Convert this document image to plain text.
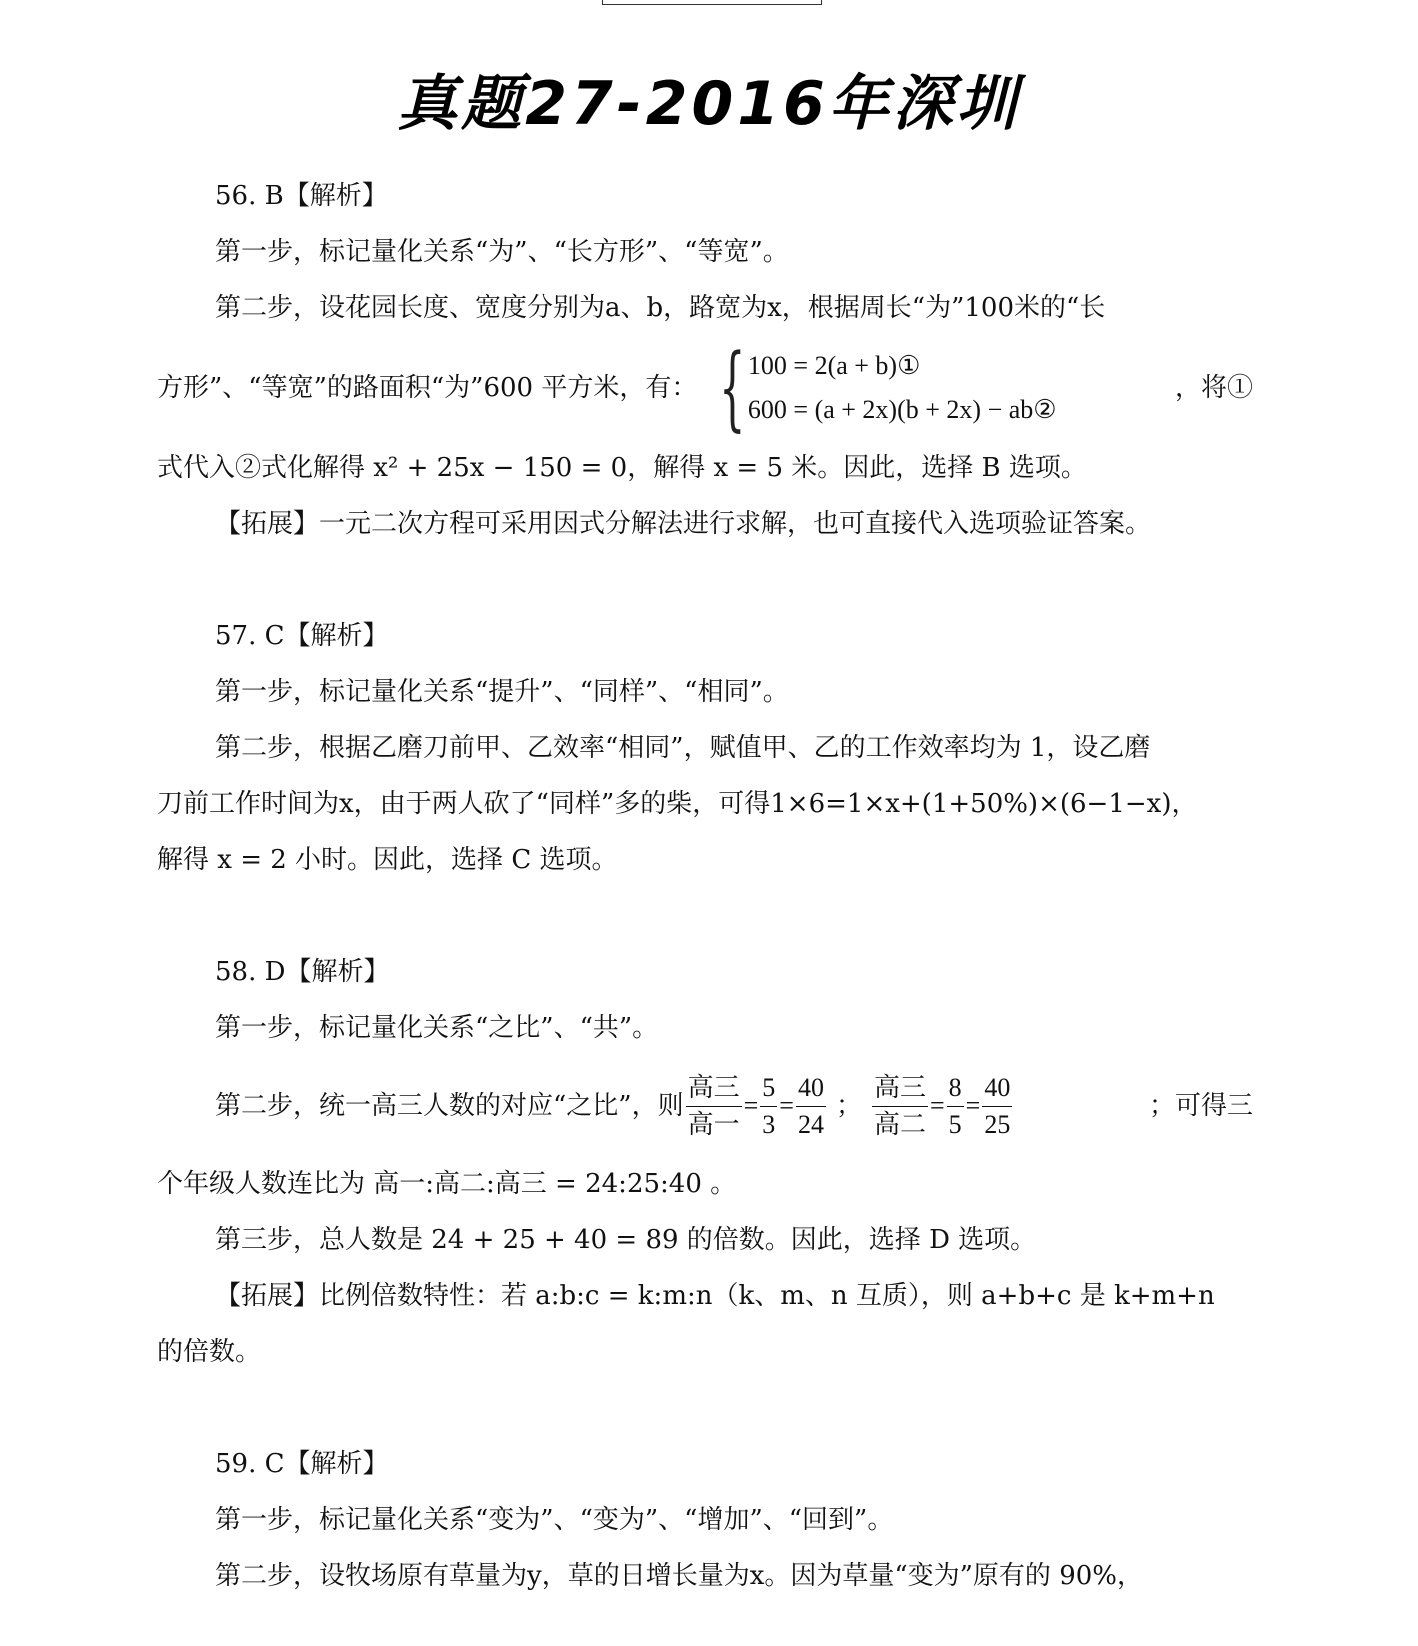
真题27-2016年深圳

56. B【解析】

第一步，标记量化关系“为”、“长方形”、“等宽”。

第二步，设花园长度、宽度分别为a、b，路宽为x，根据周长“为”100米的“长

方形”、“等宽”的路面积“为”600 平方米，有： { 100 = 2(a + b)①
600 = (a + 2x)(b + 2x) − ab②
，将①

式代入②式化解得 x² + 25x − 150 = 0，解得 x = 5 米。因此，选择 B 选项。

【拓展】一元二次方程可采用因式分解法进行求解，也可直接代入选项验证答案。

57. C【解析】

第一步，标记量化关系“提升”、“同样”、“相同”。

第二步，根据乙磨刀前甲、乙效率“相同”，赋值甲、乙的工作效率均为 1，设乙磨

刀前工作时间为x，由于两人砍了“同样”多的柴，可得1×6=1×x+(1+50%)×(6−1−x)，

解得 x = 2 小时。因此，选择 C 选项。

58. D【解析】

第一步，标记量化关系“之比”、“共”。

第二步，统一高三人数的对应“之比”，则 $\frac{\text{高三}}{\text{高一}} = \frac{5}{3} = \frac{40}{24}$ ； $\frac{\text{高三}}{\text{高二}} = \frac{8}{5} = \frac{40}{25}$	；可得三

个年级人数连比为 高一:高二:高三 = 24:25:40 。

第三步，总人数是 24 + 25 + 40 = 89 的倍数。因此，选择 D 选项。

【拓展】比例倍数特性：若 a:b:c = k:m:n（k、m、n 互质），则 a+b+c 是 k+m+n

的倍数。

59. C【解析】

第一步，标记量化关系“变为”、“变为”、“增加”、“回到”。

第二步，设牧场原有草量为y，草的日增长量为x。因为草量“变为”原有的 90%，
